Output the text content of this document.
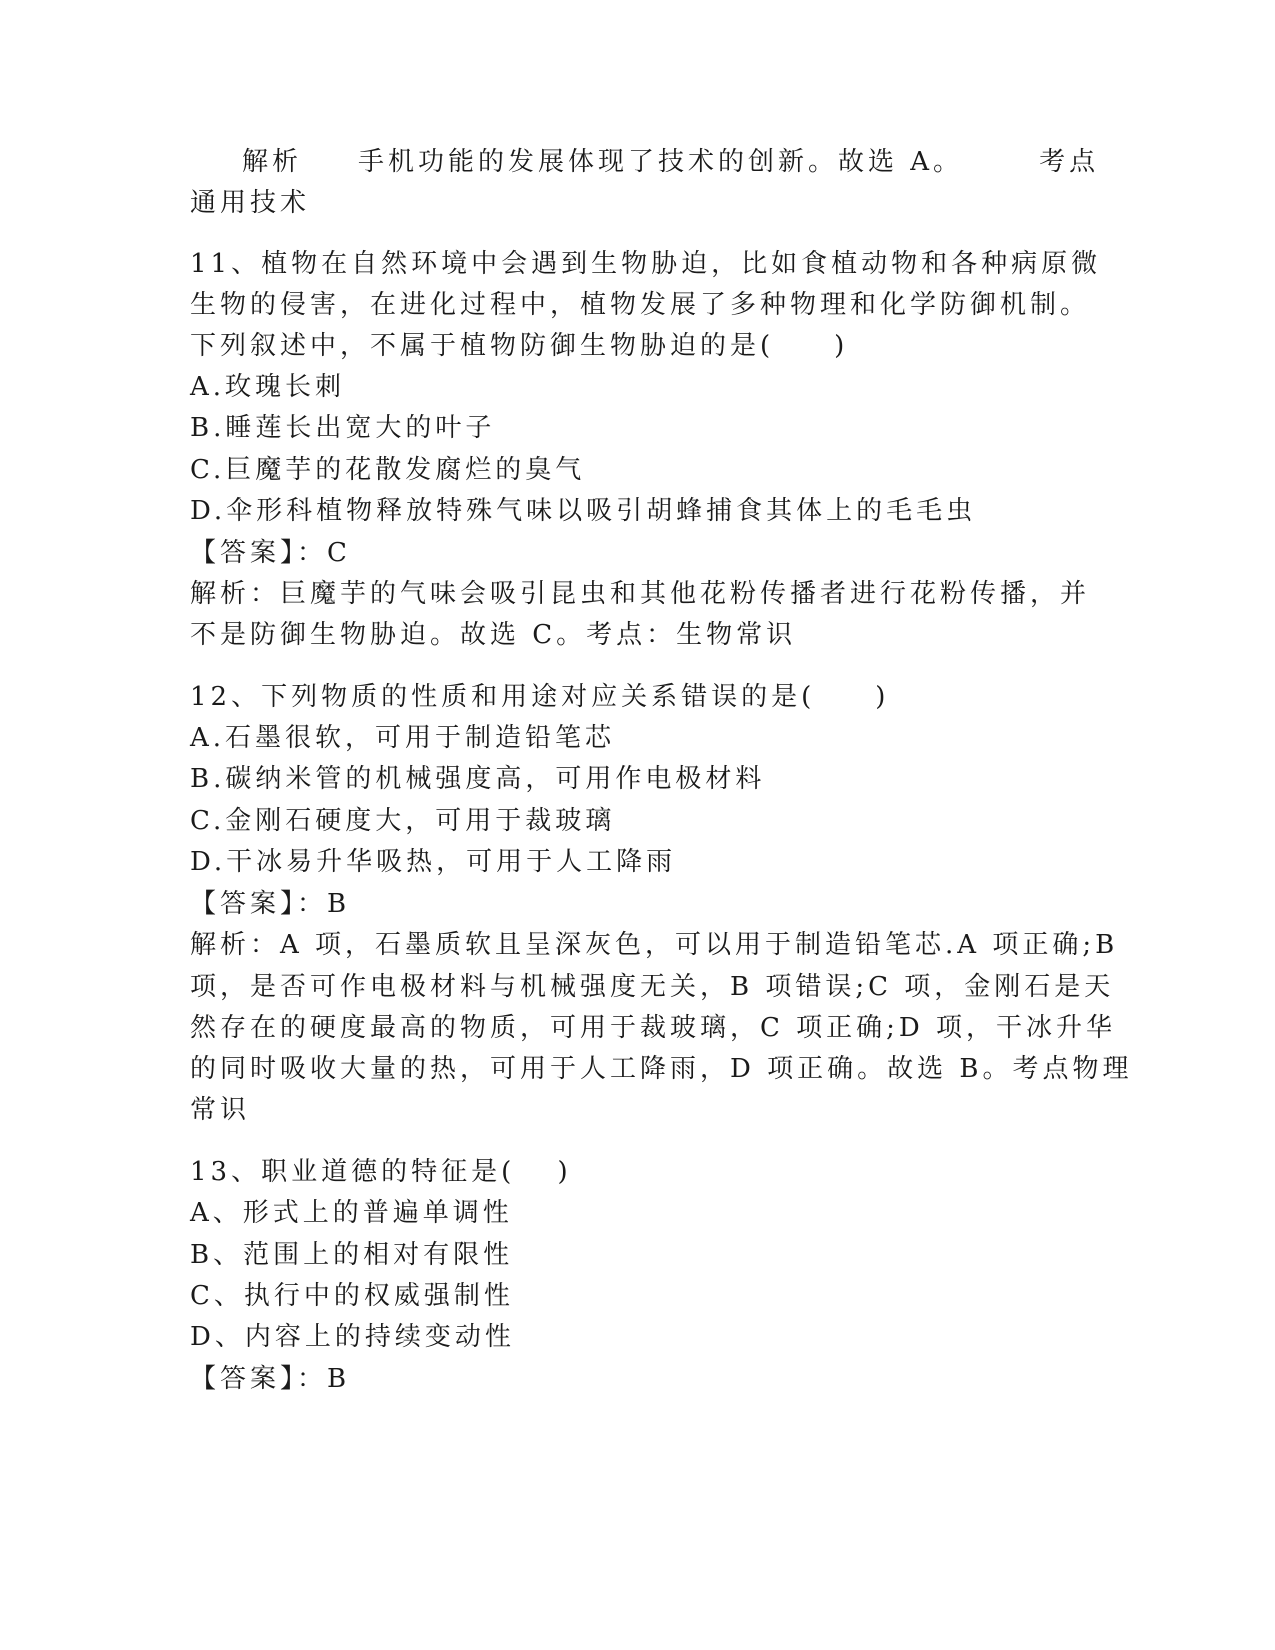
解析 手机功能的发展体现了技术的创新。故选 A。	考点
通用技术
11、植物在自然环境中会遇到生物胁迫，比如食植动物和各种病原微
生物的侵害，在进化过程中，植物发展了多种物理和化学防御机制。
下列叙述中，不属于植物防御生物胁迫的是(　　)
A.玫瑰长刺
B.睡莲长出宽大的叶子
C.巨魔芋的花散发腐烂的臭气
D.伞形科植物释放特殊气味以吸引胡蜂捕食其体上的毛毛虫
【答案】：C
解析：巨魔芋的气味会吸引昆虫和其他花粉传播者进行花粉传播，并
不是防御生物胁迫。故选 C。考点：生物常识
12、下列物质的性质和用途对应关系错误的是(　　)
A.石墨很软，可用于制造铅笔芯
B.碳纳米管的机械强度高，可用作电极材料
C.金刚石硬度大，可用于裁玻璃
D.干冰易升华吸热，可用于人工降雨
【答案】：B
解析：A 项，石墨质软且呈深灰色，可以用于制造铅笔芯.A 项正确;B
项，是否可作电极材料与机械强度无关，B 项错误;C 项，金刚石是天
然存在的硬度最高的物质，可用于裁玻璃，C 项正确;D 项，干冰升华
的同时吸收大量的热，可用于人工降雨，D 项正确。故选 B。考点物理
常识
13、职业道德的特征是(　 )
A、形式上的普遍单调性
B、范围上的相对有限性
C、执行中的权威强制性
D、内容上的持续变动性
【答案】：B
